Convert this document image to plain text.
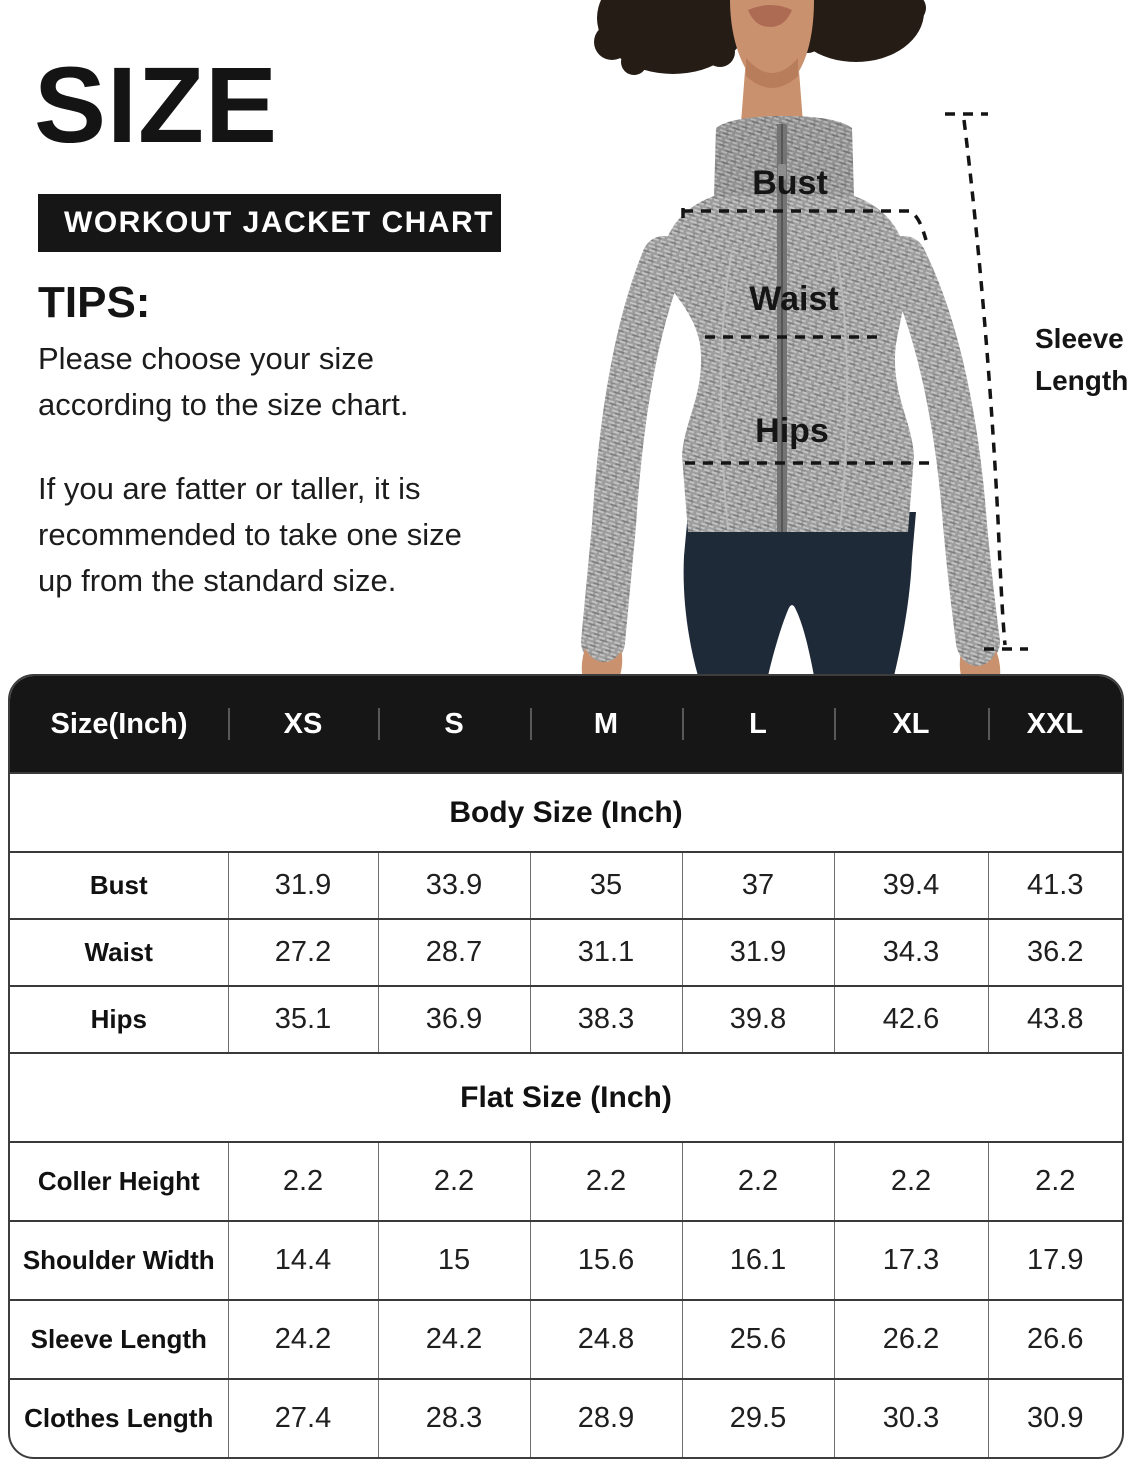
SIZE
WORKOUT JACKET CHART
TIPS:
Please choose your size
according to the size chart.
If you are fatter or taller, it is
recommended to take one size
up from the standard size.
Bust
Waist
Hips
Sleeve
Length
Size(Inch)	XS	S	M	L	XL	XXL
Body Size (Inch)						
Bust	31.9	33.9	35	37	39.4	41.3
Waist	27.2	28.7	31.1	31.9	34.3	36.2
Hips	35.1	36.9	38.3	39.8	42.6	43.8
Flat Size (Inch)						
Coller Height	2.2	2.2	2.2	2.2	2.2	2.2
Shoulder Width	14.4	15	15.6	16.1	17.3	17.9
Sleeve Length	24.2	24.2	24.8	25.6	26.2	26.6
Clothes Length	27.4	28.3	28.9	29.5	30.3	30.9
